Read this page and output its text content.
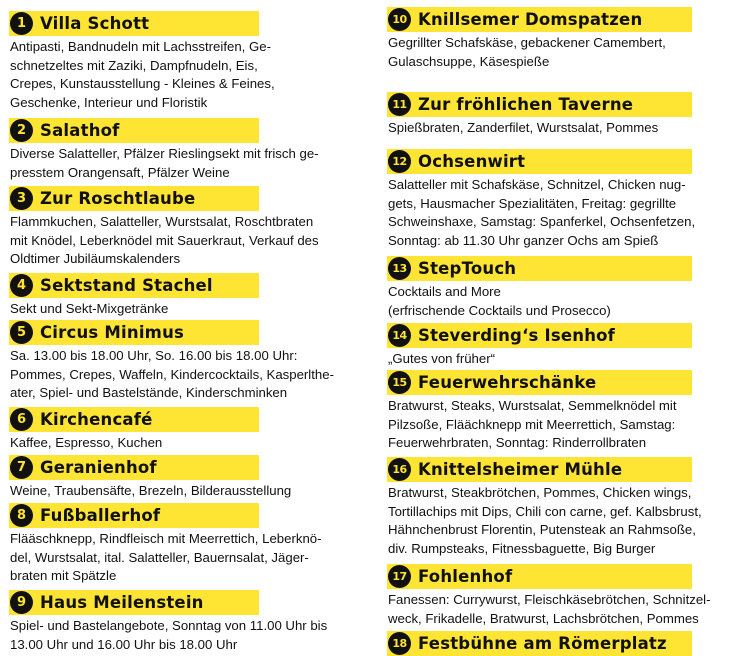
1 Villa Schott

Antipasti, Bandnudeln mit Lachsstreifen, Ge-
schnetzeltes mit Zaziki, Dampfnudeln, Eis,
Crepes, Kunstausstellung - Kleines & Feines,
Geschenke, Interieur und Floristik

2 Salathof

Diverse Salatteller, Pfälzer Rieslingsekt mit frisch ge-
presstem Orangensaft, Pfälzer Weine

3 Zur Roschtlaube

Flammkuchen, Salatteller, Wurstsalat, Roschtbraten
mit Knödel, Leberknödel mit Sauerkraut, Verkauf des
Oldtimer Jubiläumskalenders

4 Sektstand Stachel

Sekt und Sekt-Mixgetränke

5 Circus Minimus

Sa. 13.00 bis 18.00 Uhr, So. 16.00 bis 18.00 Uhr:
Pommes, Crepes, Waffeln, Kindercocktails, Kasperlthe-
ater, Spiel- und Bastelstände, Kinderschminken

6 Kirchencafé

Kaffee, Espresso, Kuchen

7 Geranienhof

Weine, Traubensäfte, Brezeln, Bilderausstellung

8 Fußballerhof

Flääschknepp, Rindfleisch mit Meerrettich, Leberknö-
del, Wurstsalat, ital. Salatteller, Bauernsalat, Jäger-
braten mit Spätzle

9 Haus Meilenstein

Spiel- und Bastelangebote, Sonntag von 11.00 Uhr bis
13.00 Uhr und 16.00 Uhr bis 18.00 Uhr

10 Knillsemer Domspatzen

Gegrillter Schafskäse, gebackener Camembert,
Gulaschsuppe, Käsespieße

11 Zur fröhlichen Taverne

Spießbraten, Zanderfilet, Wurstsalat, Pommes

12 Ochsenwirt

Salatteller mit Schafskäse, Schnitzel, Chicken nug-
gets, Hausmacher Spezialitäten, Freitag: gegrillte
Schweinshaxe, Samstag: Spanferkel, Ochsenfetzen,
Sonntag: ab 11.30 Uhr ganzer Ochs am Spieß

13 StepTouch

Cocktails and More
(erfrischende Cocktails und Prosecco)

14 Steverding‘s Isenhof

„Gutes von früher“

15 Feuerwehrschänke

Bratwurst, Steaks, Wurstsalat, Semmelknödel mit
Pilzsoße, Fläächknepp mit Meerrettich, Samstag:
Feuerwehrbraten, Sonntag: Rinderrollbraten

16 Knittelsheimer Mühle

Bratwurst, Steakbrötchen, Pommes, Chicken wings,
Tortillachips mit Dips, Chili con carne, gef. Kalbsbrust,
Hähnchenbrust Florentin, Putensteak an Rahmsoße,
div. Rumpsteaks, Fitnessbaguette, Big Burger

17 Fohlenhof

Fanessen: Currywurst, Fleischkäsebrötchen, Schnitzel-
weck, Frikadelle, Bratwurst, Lachsbrötchen, Pommes

18 Festbühne am Römerplatz
